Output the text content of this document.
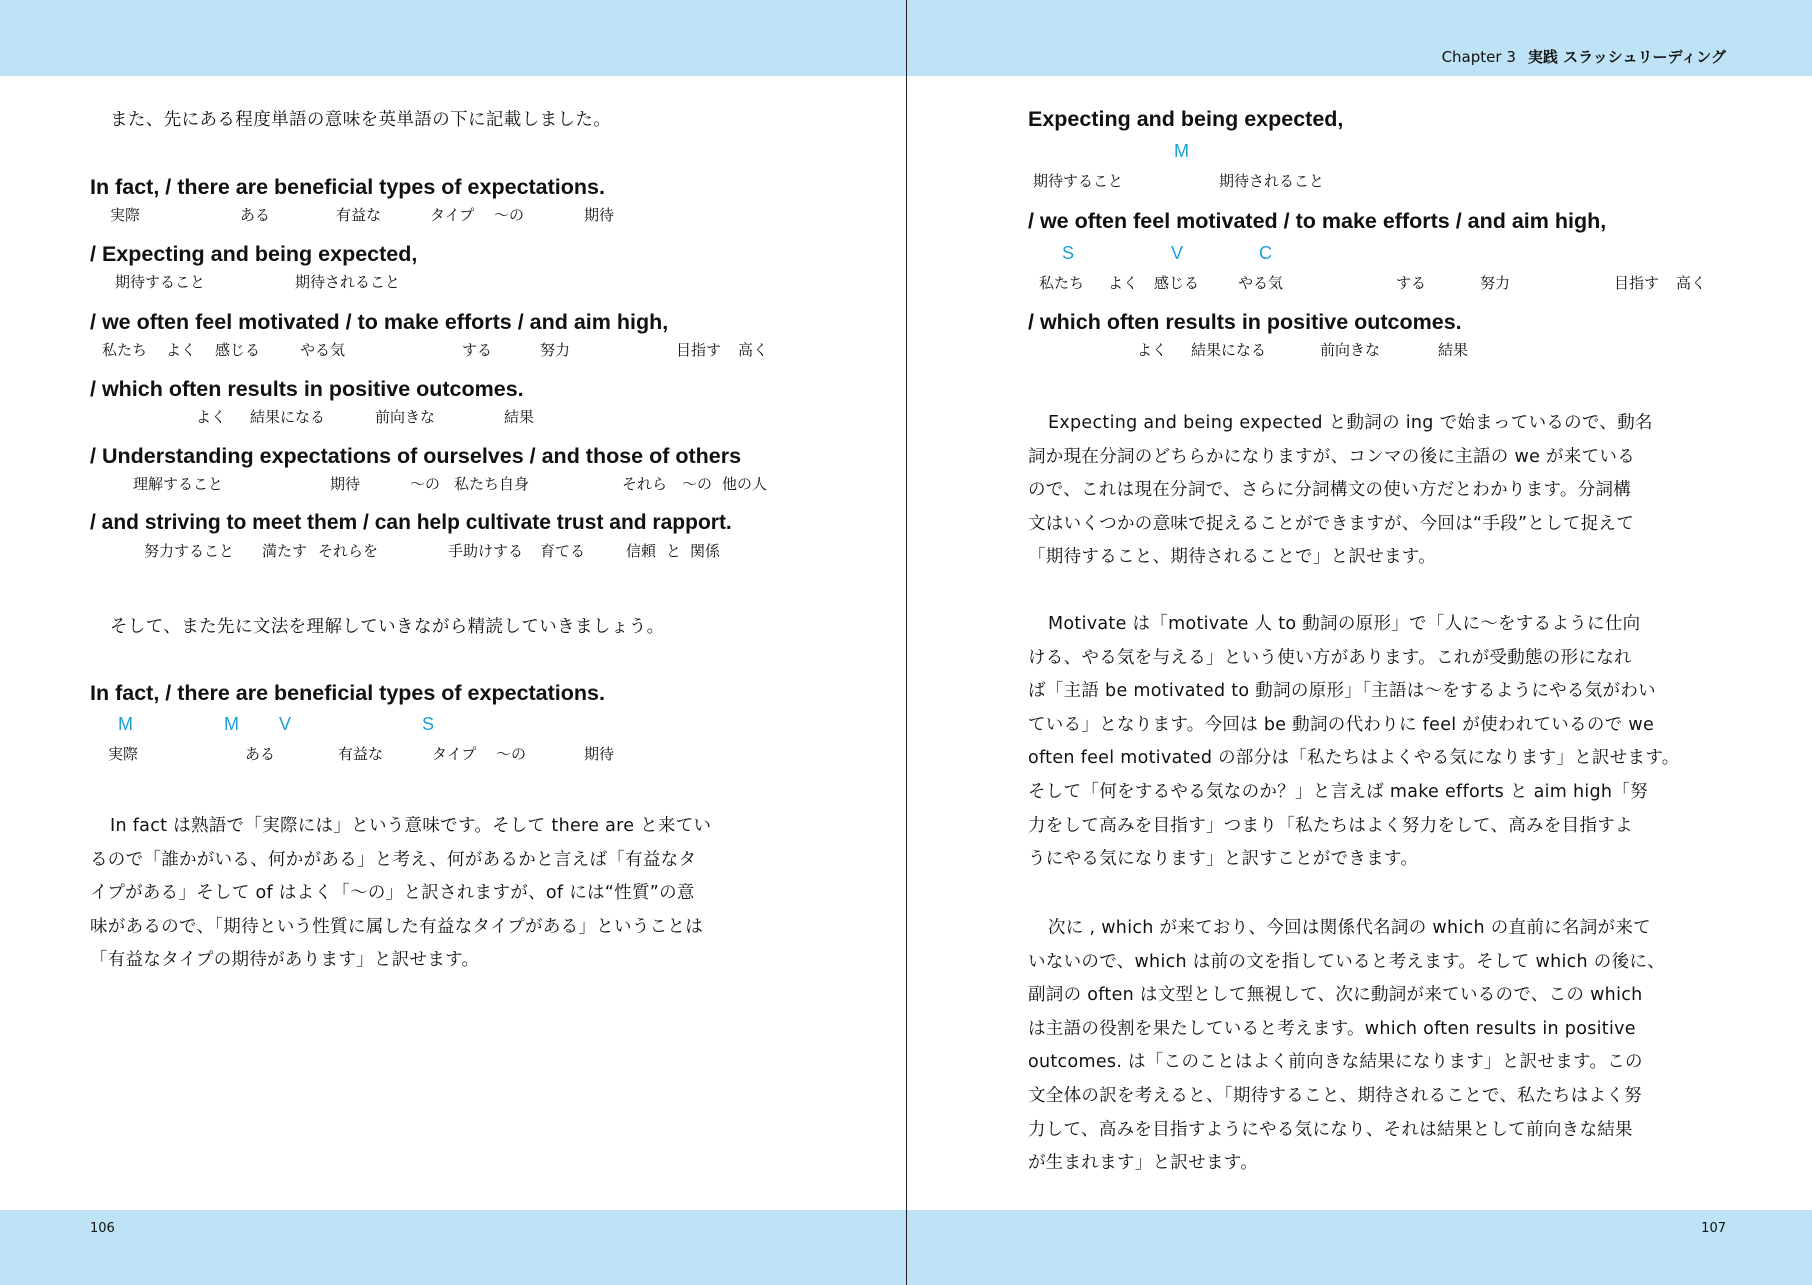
また、先にある程度単語の意味を英単語の下に記載しました。
In fact, / there are beneficial types of expectations.
実際	ある	有益な	タイプ 〜の	期待
/ Expecting and being expected,
期待すること	期待されること
/ we often feel motivated / to make efforts / and aim high,
私たち よく 感じる	やる気	する	努力	目指す 高く
/ which often results in positive outcomes.
よく 結果になる	前向きな	結果
/ Understanding expectations of ourselves / and those of others
理解すること	期待	〜の 私たち自身	それら 〜の 他の人
/ and striving to meet them / can help cultivate trust and rapport.
努力すること 満たす それらを	手助けする 育てる	信頼 と 関係
そして、また先に文法を理解していきながら精読していきましょう。
In fact, / there are beneficial types of expectations.
M	M V	S
実際	ある	有益な	タイプ 〜の	期待
In fact は熟語で「実際には」という意味です。そして there are と来てい
るので「誰かがいる、何かがある」と考え、何があるかと言えば「有益なタ
イプがある」そして of はよく「〜の」と訳されますが、of には“性質”の意
味があるので、「期待という性質に属した有益なタイプがある」ということは
「有益なタイプの期待があります」と訳せます。
106
Chapter 3 実践 スラッシュリーディング
Expecting and being expected,
M
期待すること	期待されること
/ we often feel motivated / to make efforts / and aim high,
S	V	C
私たち よく 感じる	やる気	する	努力	目指す 高く
/ which often results in positive outcomes.
よく 結果になる	前向きな	結果
Expecting and being expected と動詞の ing で始まっているので、動名
詞か現在分詞のどちらかになりますが、コンマの後に主語の we が来ている
ので、これは現在分詞で、さらに分詞構文の使い方だとわかります。分詞構
文はいくつかの意味で捉えることができますが、今回は“手段”として捉えて
「期待すること、期待されることで」と訳せます。
Motivate は「motivate 人 to 動詞の原形」で「人に〜をするように仕向
ける、やる気を与える」という使い方があります。これが受動態の形になれ
ば「主語 be motivated to 動詞の原形」「主語は〜をするようにやる気がわい
ている」となります。今回は be 動詞の代わりに feel が使われているので we
often feel motivated の部分は「私たちはよくやる気になります」と訳せます。
そして「何をするやる気なのか？」と言えば make efforts と aim high「努
力をして高みを目指す」つまり「私たちはよく努力をして、高みを目指すよ
うにやる気になります」と訳すことができます。
次に , which が来ており、今回は関係代名詞の which の直前に名詞が来て
いないので、which は前の文を指していると考えます。そして which の後に、
副詞の often は文型として無視して、次に動詞が来ているので、この which
は主語の役割を果たしていると考えます。which often results in positive
outcomes. は「このことはよく前向きな結果になります」と訳せます。この
文全体の訳を考えると、「期待すること、期待されることで、私たちはよく努
力して、高みを目指すようにやる気になり、それは結果として前向きな結果
が生まれます」と訳せます。
107
